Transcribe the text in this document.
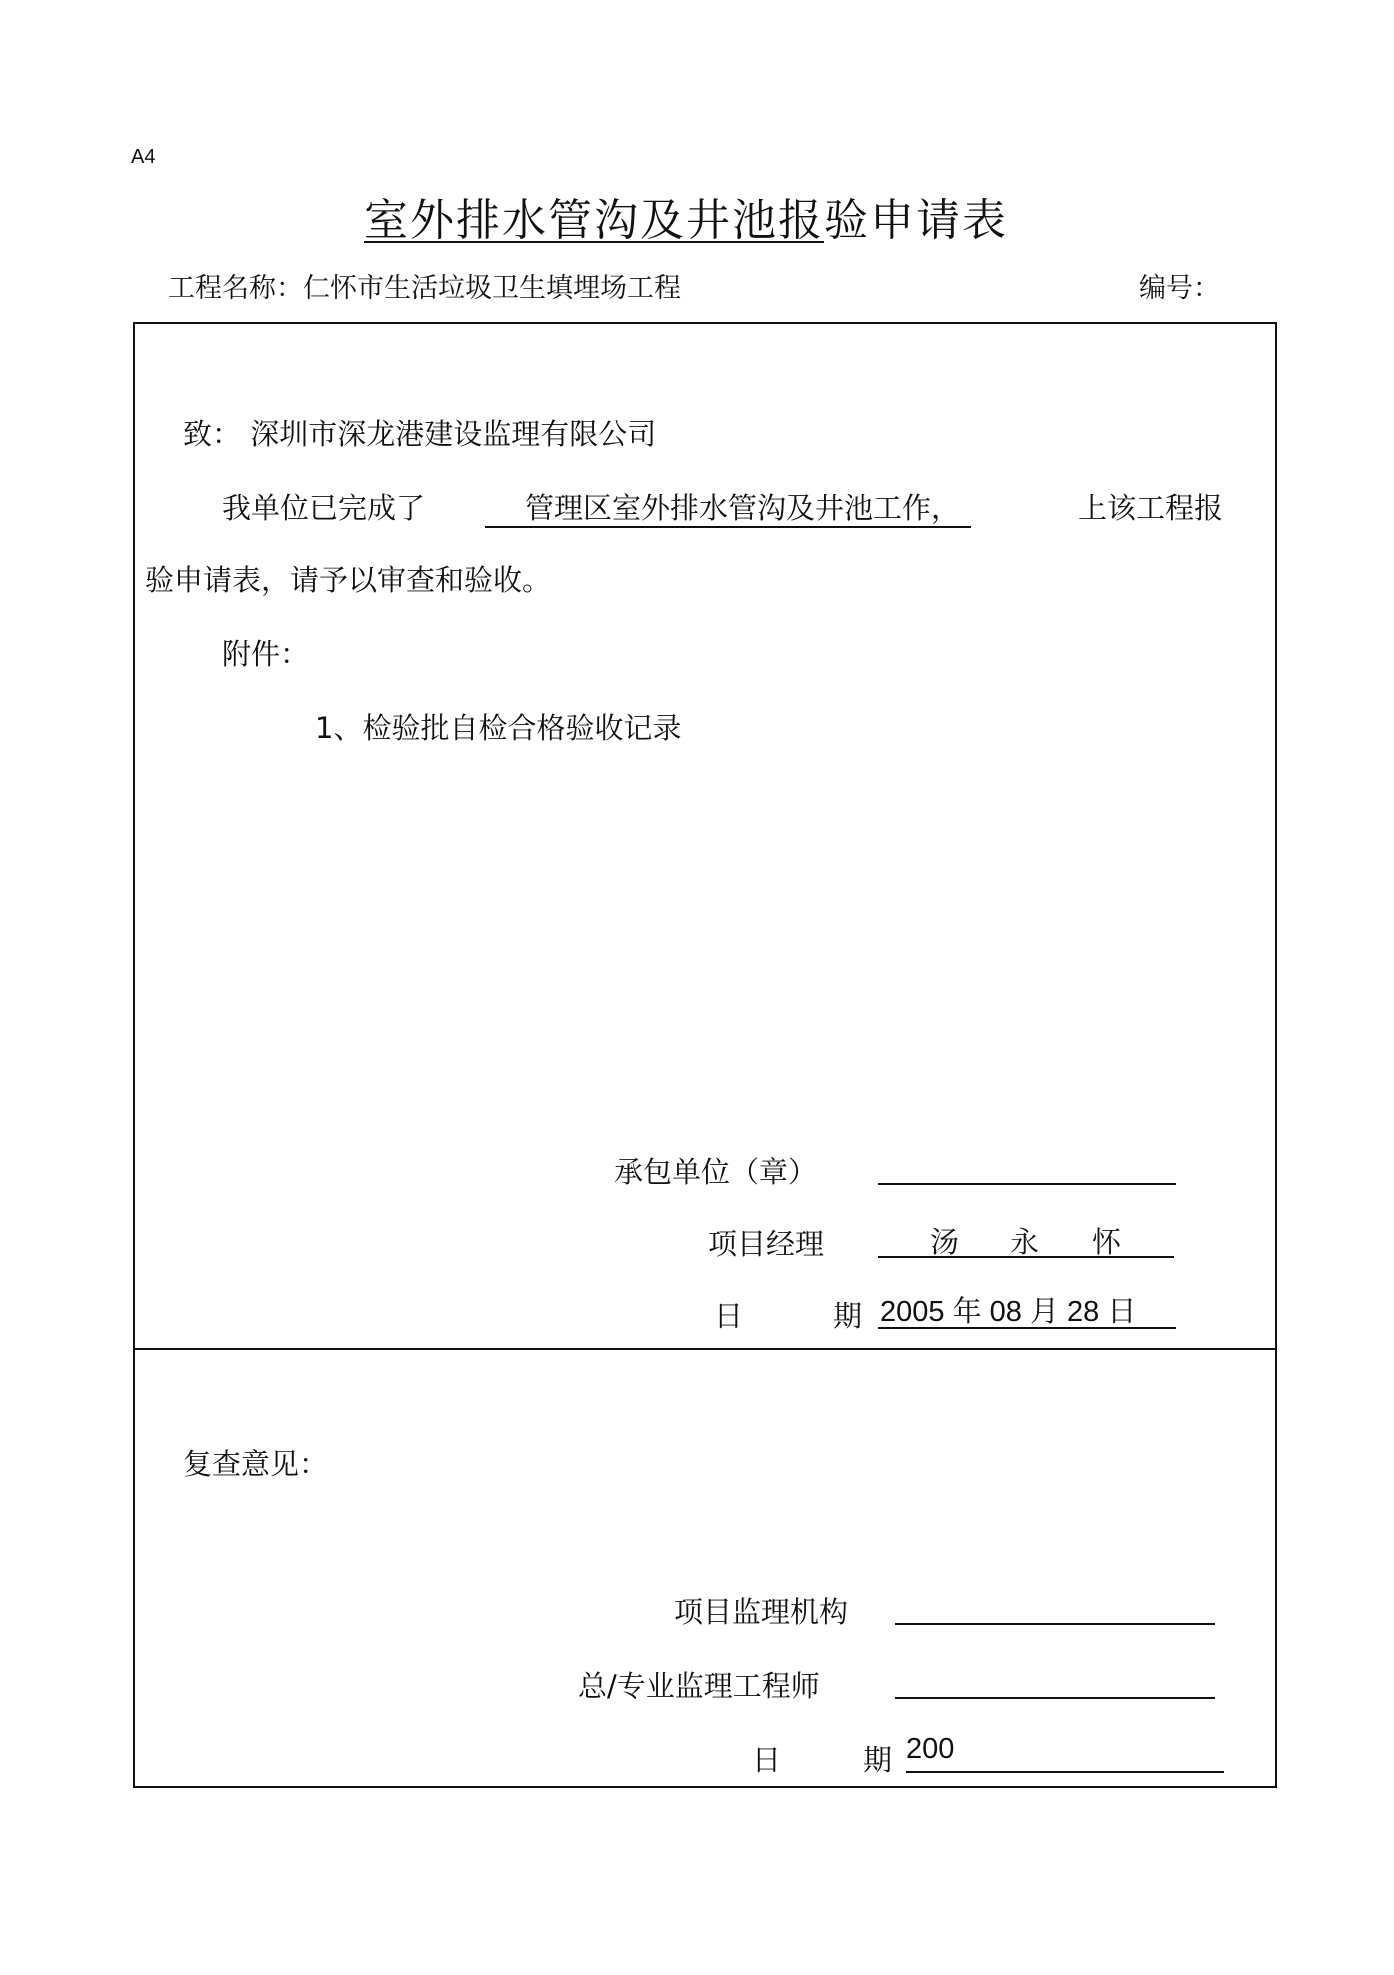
A4
室外排水管沟及井池报验申请表
工程名称：仁怀市生活垃圾卫生填埋场工程	编号：
致： 深圳市深龙港建设监理有限公司
我单位已完成了	管理区室外排水管沟及井池工作，	上该工程报
验申请表，请予以审查和验收。
附件：
1、检验批自检合格验收记录
承包单位（章）
项目经理	汤 永 怀
日	期 2005 年 08 月 28 日
复查意见：
项目监理机构
总/专业监理工程师
日	期 200
